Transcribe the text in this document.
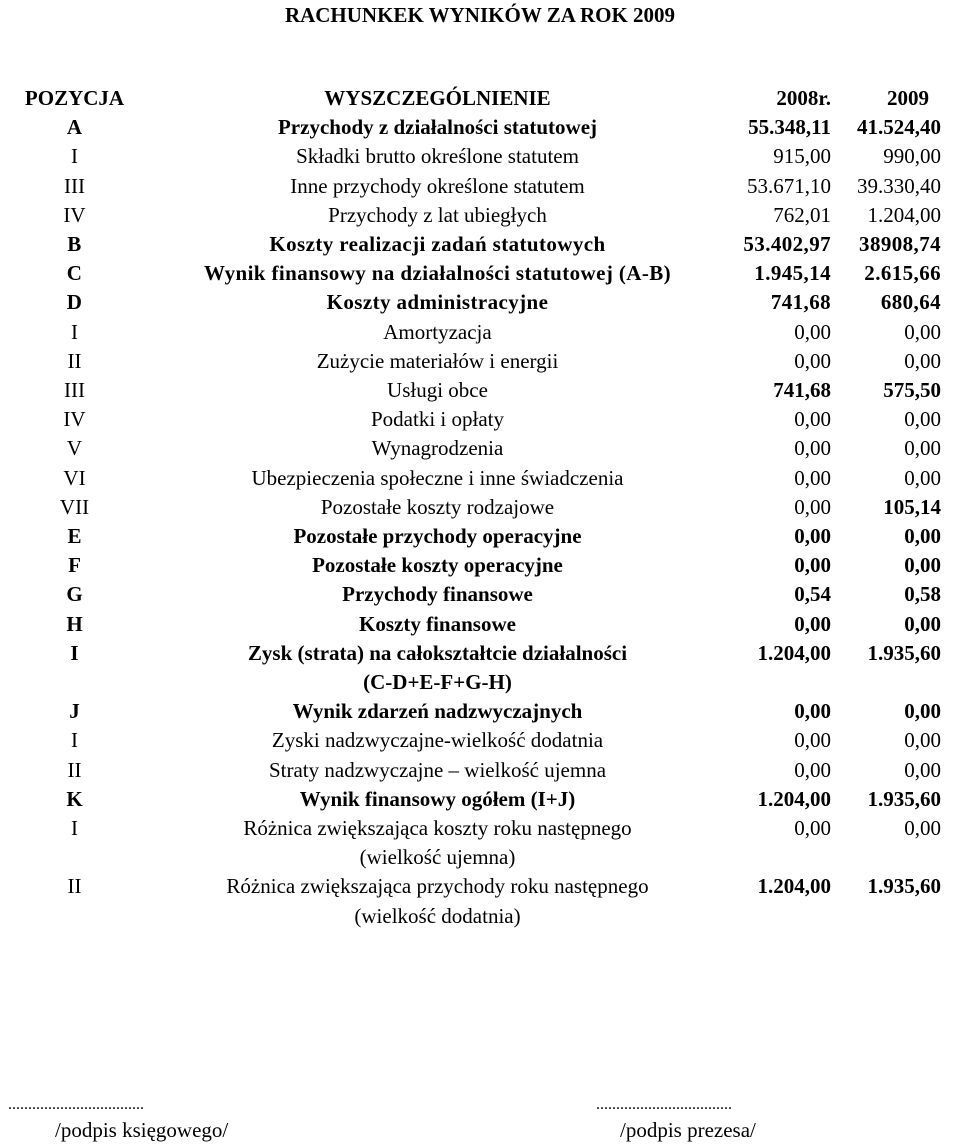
RACHUNKEK WYNIKÓW ZA ROK 2009
POZYCJA	WYSZCZEGÓLNIENIE	2008r.	2009
A	Przychody z działalności statutowej	55.348,11	41.524,40
I	Składki brutto określone statutem	915,00	990,00
III	Inne przychody określone statutem	53.671,10	39.330,40
IV	Przychody z lat ubiegłych	762,01	1.204,00
B	Koszty realizacji zadań statutowych	53.402,97	38908,74
C	Wynik finansowy na działalności statutowej (A-B)	1.945,14	2.615,66
D	Koszty administracyjne	741,68	680,64
I	Amortyzacja	0,00	0,00
II	Zużycie materiałów i energii	0,00	0,00
III	Usługi obce	741,68	575,50
IV	Podatki i opłaty	0,00	0,00
V	Wynagrodzenia	0,00	0,00
VI	Ubezpieczenia społeczne i inne świadczenia	0,00	0,00
VII	Pozostałe koszty rodzajowe	0,00	105,14
E	Pozostałe przychody operacyjne	0,00	0,00
F	Pozostałe koszty operacyjne	0,00	0,00
G	Przychody finansowe	0,54	0,58
H	Koszty finansowe	0,00	0,00
I	Zysk (strata) na całokształtcie działalności
(C-D+E-F+G-H)	1.204,00	1.935,60
J	Wynik zdarzeń nadzwyczajnych	0,00	0,00
I	Zyski nadzwyczajne-wielkość dodatnia	0,00	0,00
II	Straty nadzwyczajne – wielkość ujemna	0,00	0,00
K	Wynik finansowy ogółem (I+J)	1.204,00	1.935,60
I	Różnica zwiększająca koszty roku następnego
(wielkość ujemna)	0,00	0,00
II	Różnica zwiększająca przychody roku następnego
(wielkość dodatnia)	1.204,00	1.935,60
..................................	..................................
/podpis księgowego/	/podpis prezesa/
